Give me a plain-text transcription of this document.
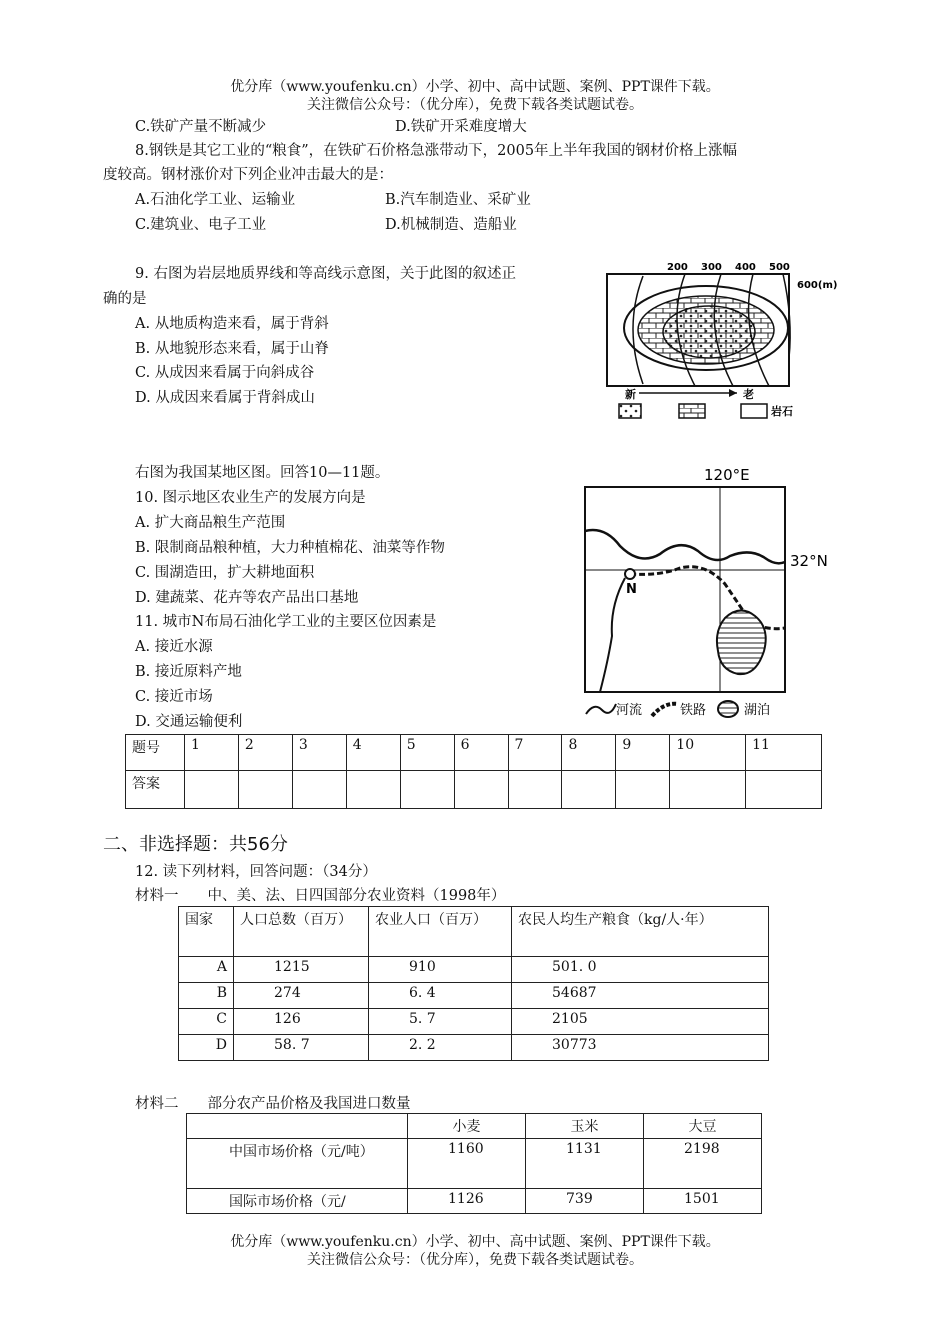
优分库（www.youfenku.cn）小学、初中、高中试题、案例、PPT课件下载。
关注微信公众号：（优分库），免费下载各类试题试卷。
C.铁矿产量不断减少	D.铁矿开采难度增大
8.钢铁是其它工业的“粮食”，在铁矿石价格急涨带动下，2005年上半年我国的钢材价格上涨幅
度较高。钢材涨价对下列企业冲击最大的是：
A.石油化学工业、运输业	B.汽车制造业、采矿业
C.建筑业、电子工业	D.机械制造、造船业
9. 右图为岩层地质界线和等高线示意图，关于此图的叙述正
确的是
A. 从地质构造来看，属于背斜
B. 从地貌形态来看，属于山脊
C. 从成因来看属于向斜成谷
D. 从成因来看属于背斜成山
200 300 400 500
600(m)
新	老
岩石
右图为我国某地区图。回答10—11题。
10. 图示地区农业生产的发展方向是
A. 扩大商品粮生产范围
B. 限制商品粮种植，大力种植棉花、油菜等作物
C. 围湖造田，扩大耕地面积
D. 建蔬菜、花卉等农产品出口基地
11. 城市N布局石油化学工业的主要区位因素是
A. 接近水源
B. 接近原料产地
C. 接近市场
D. 交通运输便利
120°E
32°N
N
河流	铁路	湖泊
题号	1	2	3	4	5	6	7	8	9	10	11
答案											
二、非选择题：共56分
12. 读下列材料，回答问题：（34分）
材料一　　中、美、法、日四国部分农业资料（1998年）
国家	人口总数（百万）	农业人口（百万）	农民人均生产粮食（kg/人·年）
A	1215	910	501. 0
B	274	6. 4	54687
C	126	5. 7	2105
D	58. 7	2. 2	30773
材料二　　部分农产品价格及我国进口数量
	小麦	玉米	大豆
中国市场价格（元/吨）	1160	1131	2198
国际市场价格（元/	1126	739	1501
优分库（www.youfenku.cn）小学、初中、高中试题、案例、PPT课件下载。
关注微信公众号：（优分库），免费下载各类试题试卷。
